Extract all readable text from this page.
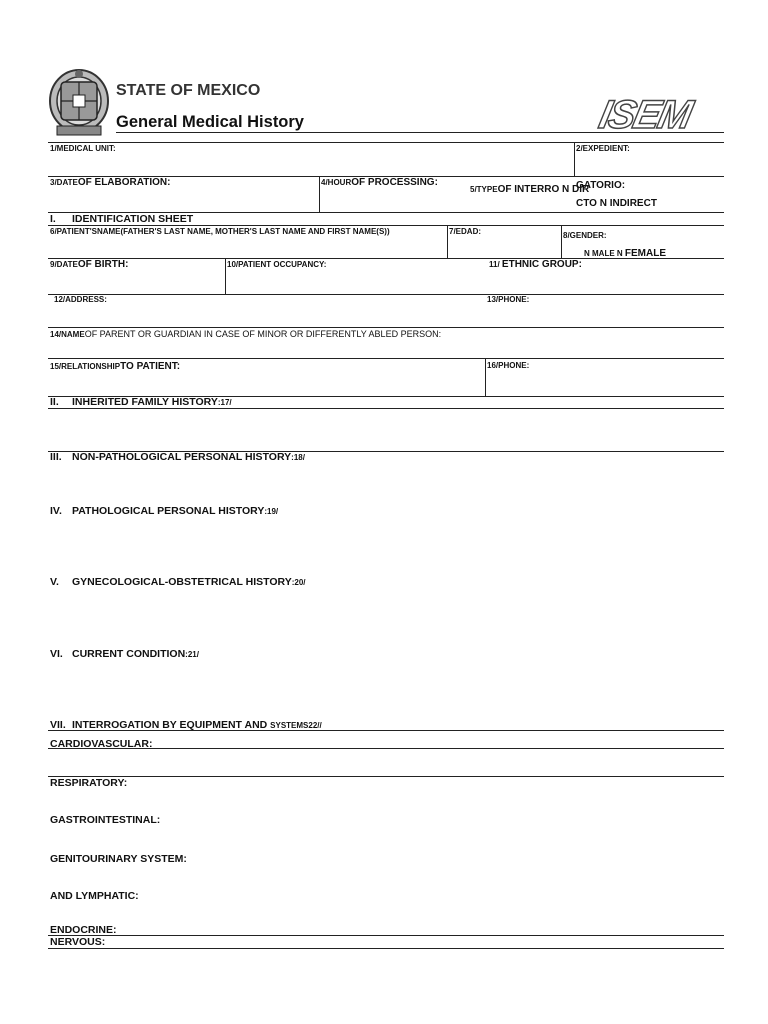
STATE OF MEXICO
General Medical History	ISEM
1/MEDICAL UNIT:	2/EXPEDIENT:
3/DATEOF ELABORATION:	4/HOUROF PROCESSING:
5/TYPEOF INTERRO N DIR
GATORIO:
CTO N INDIRECT
I. IDENTIFICATION SHEET
6/PATIENT'SNAME(FATHER'S LAST NAME, MOTHER'S LAST NAME AND FIRST NAME(S))	7/EDAD:	8/GENDER:
N MALE N FEMALE
9/DATEOF BIRTH:	10/PATIENT OCCUPANCY:	11/ ETHNIC GROUP:
12/ADDRESS:	13/PHONE:
14/NAMEOF PARENT OR GUARDIAN IN CASE OF MINOR OR DIFFERENTLY ABLED PERSON:
15/RELATIONSHIPTO PATIENT:	16/PHONE:
II. INHERITED FAMILY HISTORY:17/
III. NON-PATHOLOGICAL PERSONAL HISTORY:18/
IV. PATHOLOGICAL PERSONAL HISTORY:19/
V. GYNECOLOGICAL-OBSTETRICAL HISTORY:20/
VI. CURRENT CONDITION:21/
VII. INTERROGATION BY EQUIPMENT AND SYSTEMS22//
CARDIOVASCULAR:
RESPIRATORY:
GASTROINTESTINAL:
GENITOURINARY SYSTEM:
AND LYMPHATIC:
ENDOCRINE:
NERVOUS:
